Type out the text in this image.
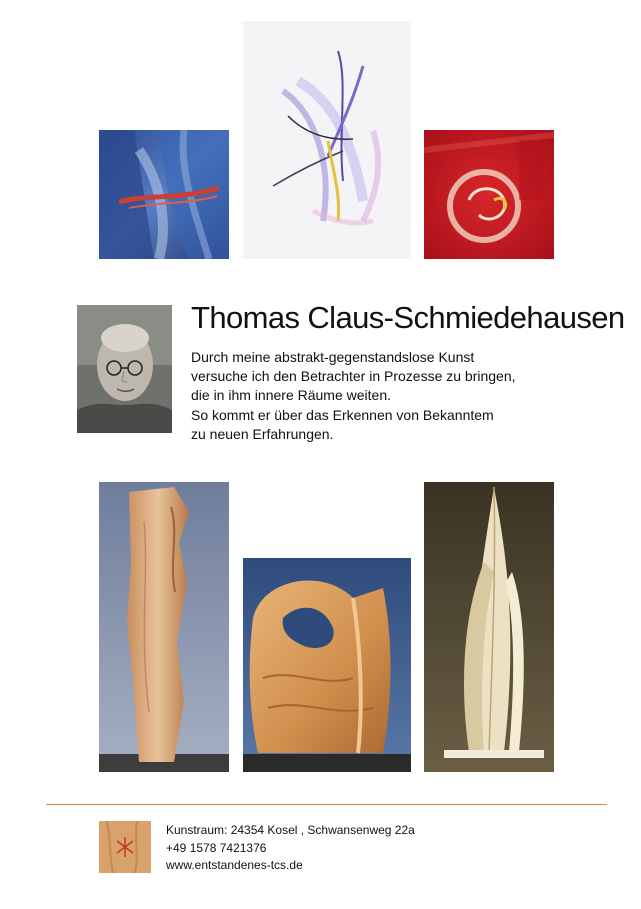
Thomas Claus-Schmiedehausen
Durch meine abstrakt-gegenstandslose Kunst
versuche ich den Betrachter in Prozesse zu bringen,
die in ihm innere Räume weiten.
So kommt er über das Erkennen von Bekanntem
zu neuen Erfahrungen.
Kunstraum: 24354 Kosel , Schwansenweg 22a
+49 1578 7421376
www.entstandenes-tcs.de
